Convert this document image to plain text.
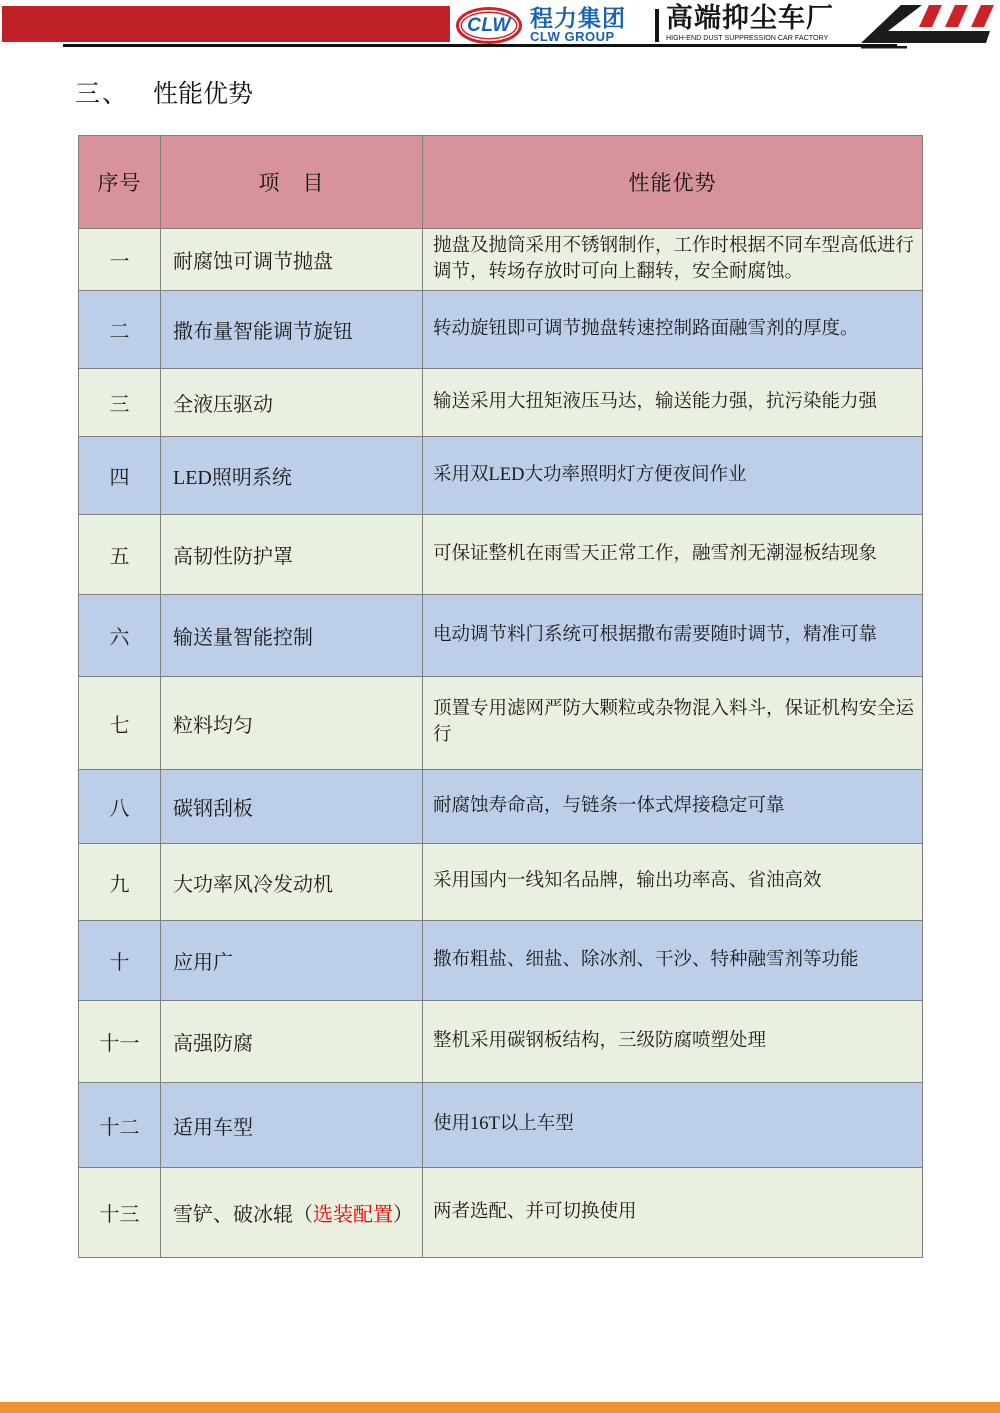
CLW 程力集团
CLW GROUP
高端抑尘车厂
HIGH-END DUST SUPPRESSION CAR FACTORY
三、 性能优势
序号	项　目	性能优势
一	耐腐蚀可调节抛盘	抛盘及抛筒采用不锈钢制作，工作时根据不同车型高低进行调节，转场存放时可向上翻转，安全耐腐蚀。
二	撒布量智能调节旋钮	转动旋钮即可调节抛盘转速控制路面融雪剂的厚度。
三	全液压驱动	输送采用大扭矩液压马达，输送能力强，抗污染能力强
四	LED照明系统	采用双LED大功率照明灯方便夜间作业
五	高韧性防护罩	可保证整机在雨雪天正常工作，融雪剂无潮湿板结现象
六	输送量智能控制	电动调节料门系统可根据撒布需要随时调节，精准可靠
七	粒料均匀	顶置专用滤网严防大颗粒或杂物混入料斗，保证机构安全运行
八	碳钢刮板	耐腐蚀寿命高，与链条一体式焊接稳定可靠
九	大功率风冷发动机	采用国内一线知名品牌，输出功率高、省油高效
十	应用广	撒布粗盐、细盐、除冰剂、干沙、特种融雪剂等功能
十一	高强防腐	整机采用碳钢板结构，三级防腐喷塑处理
十二	适用车型	使用16T以上车型
十三	雪铲、破冰辊（选装配置）	两者选配、并可切换使用
